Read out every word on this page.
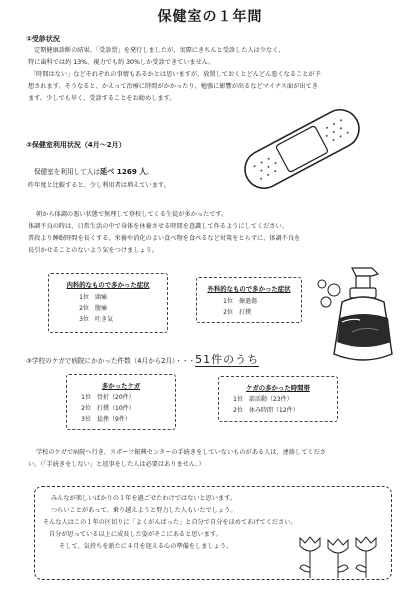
保健室の１年間
①受診状況
定期健康診断の結果、「受診票」を発行しましたが、実際にきちんと受診した人は少なく、
特に歯科では約 13%、視力でも約 30%しか受診できていません。
「時間はない」などそれぞれの事情もあるかとは思いますが、放置しておくとどんどん悪くなることが予
想されます。そうなると、かえって治療に時間がかかったり、勉強に影響が出るなどマイナス面が出てき
ます。少しでも早く、受診することをお勧めします。
②保健室利用状況（4月～2月）
保健室を利用して人は延べ 1269 人。
昨年度と比較すると、少し利用者は増えています。
朝から体調の悪い状態で無理して登校してくる生徒が多かったです。
体調不良の時は、日常生活の中で身体を休養させる時間を意識して作るようにしてください。
普段より睡眠時間を長くする、栄養や消化のよい食べ物を食べるなど対策をとらずに、体調不良を
長引かせることのないよう気をつけましょう。
内科的なもので多かった症状
1位 頭痛
2位 腹痛
3位 吐き気
外科的なもので多かった症状
1位 擦過傷
2位 打撲
③学校のケガで病院にかかった件数（4月から2月）・・・51件のうち
多かったケガ
1位 骨折（20件）
2位 打撲（10件）
3位 捻挫（9件）
ケガの多かった時間帯
1位 部活動（23件）
2位 休み時間（12件）
学校のケガで病院へ行き、スポーツ振興センターの手続きをしていないものがある人は、連絡してくださ
い。（「手続きをしない」と返事をした人は必要はありません。）
みんなが楽しいばかりの１年を過ごせたわけではないと思います。
つらいことがあって、乗り越えようと努力した人もいたでしょう。
そんな人はこの１年の区切りに「よくがんばった」と自分で自分をほめてあげてください。
自分が思っている以上に成長した姿がそこにあると思います。
そして、気持ちを新たに４月を迎える心の準備をしましょう。
